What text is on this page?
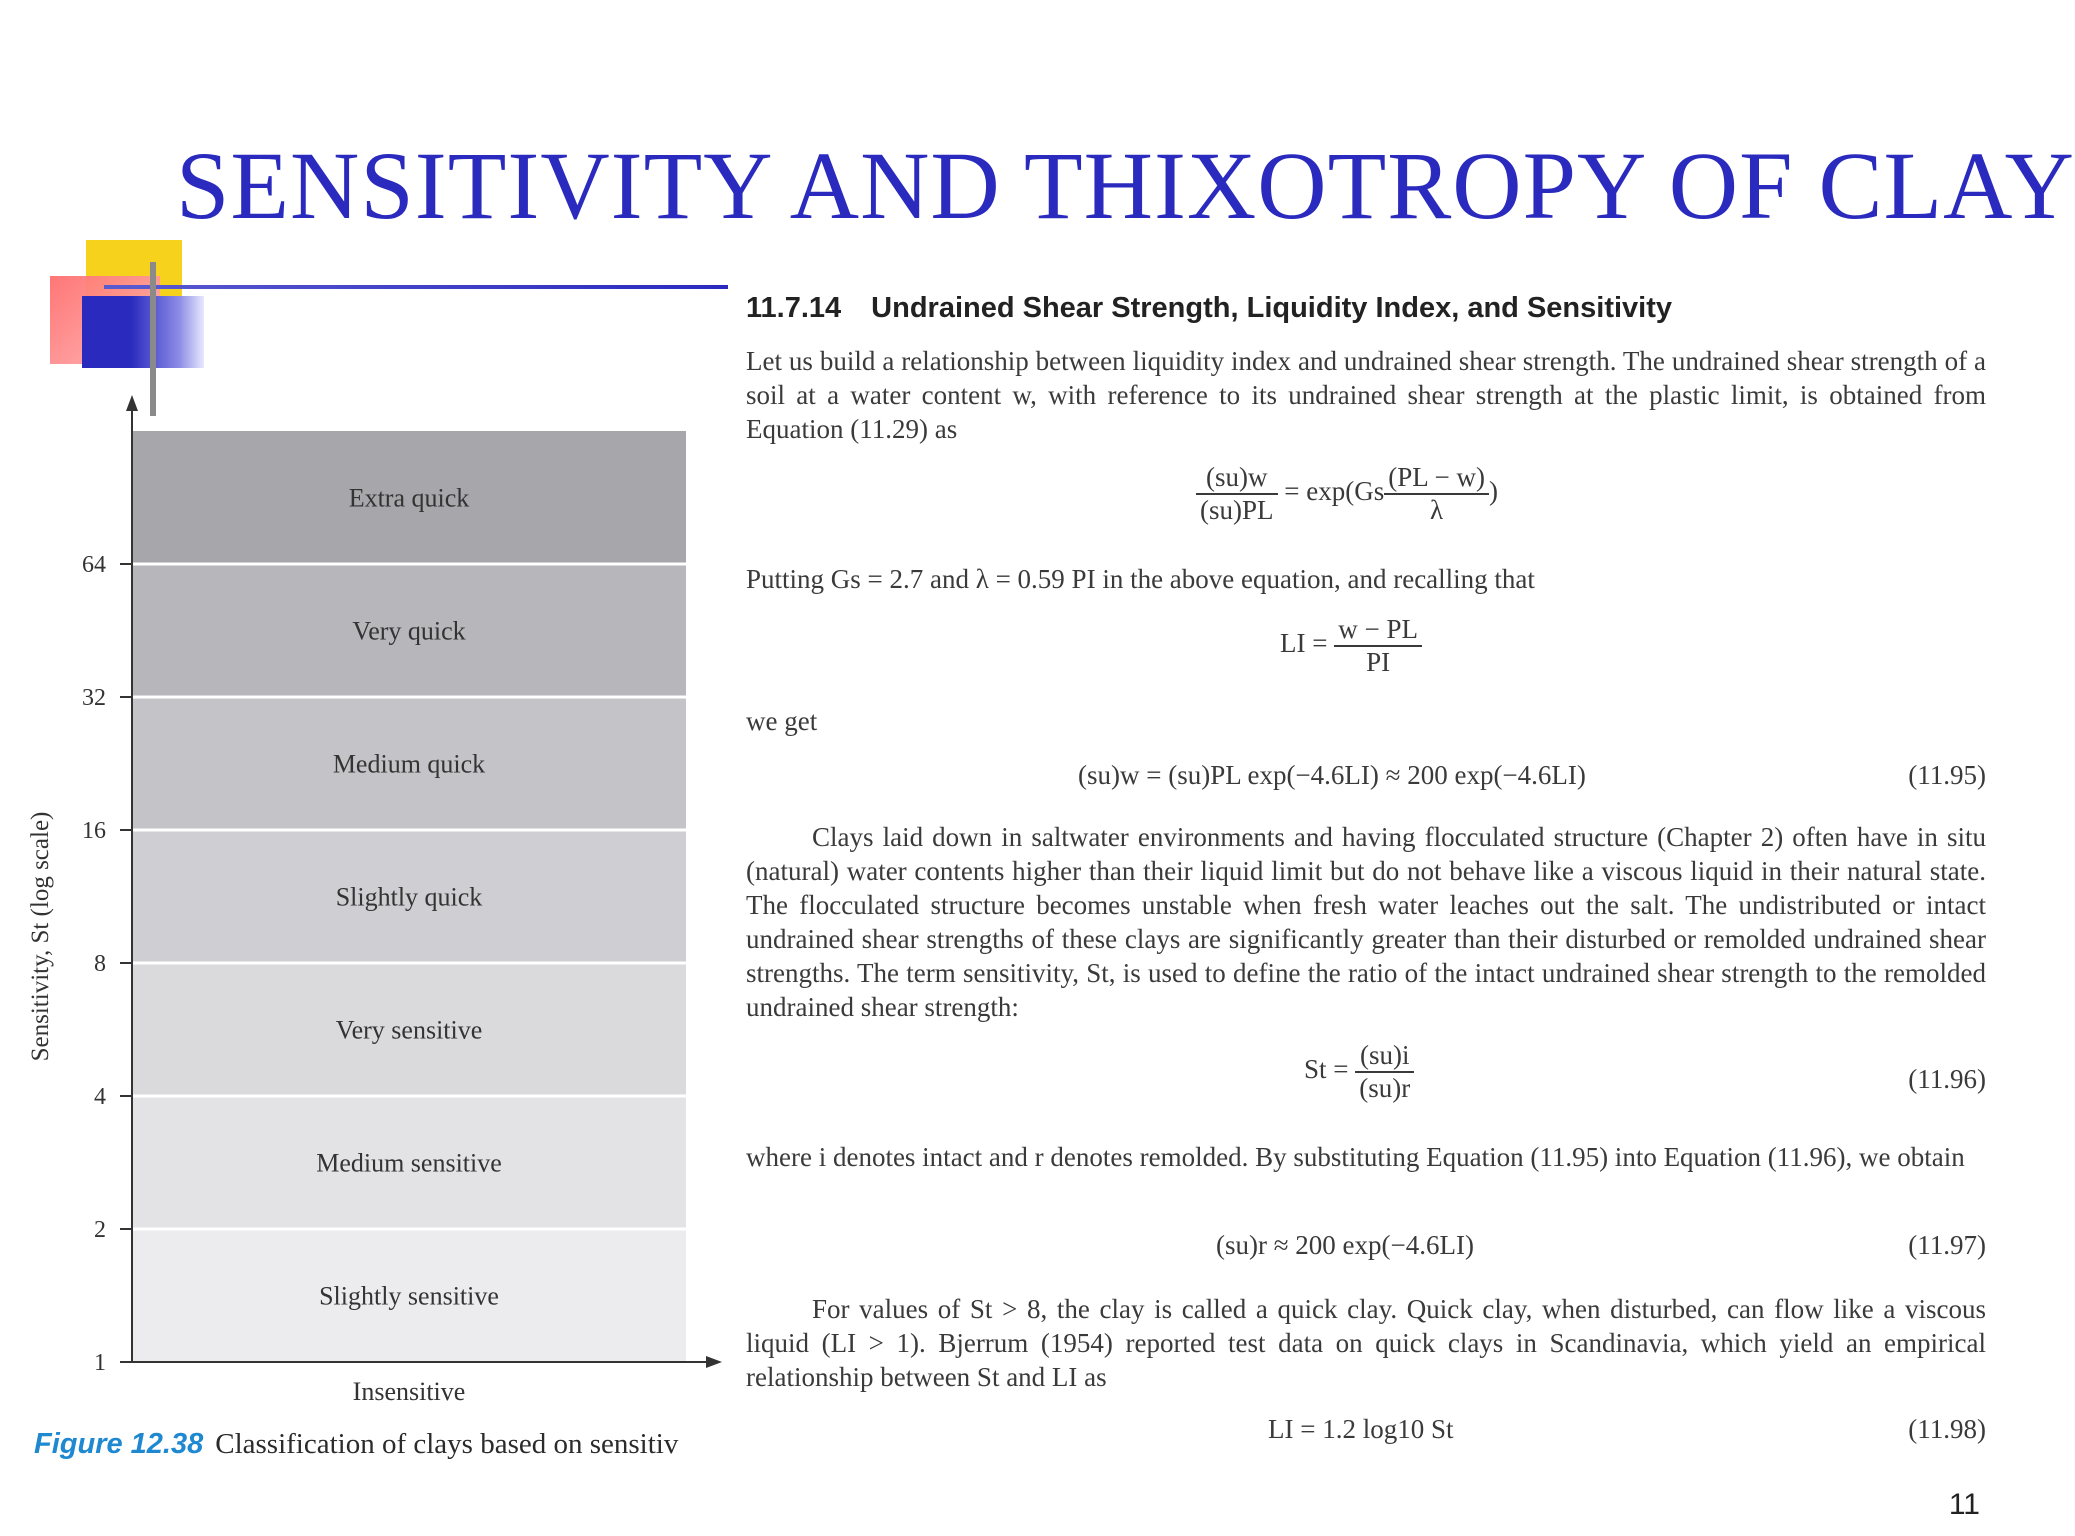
SENSITIVITY AND THIXOTROPY OF CLAY
Slightly sensitive
Medium sensitive
Very sensitive
Slightly quick
Medium quick
Very quick
Extra quick
1
2
4
8
16
32
64
Sensitivity, St (log scale)
Insensitive
Figure 12.38 Classification of clays based on sensitiv
11.7.14 Undrained Shear Strength, Liquidity Index, and Sensitivity
Let us build a relationship between liquidity index and undrained shear strength. The undrained shear strength of a soil at a water content w, with reference to its undrained shear strength at the plastic limit, is obtained from Equation (11.29) as
$\frac{(su)w}{(su)PL} = \exp(Gs \frac{(PL - w)}{\lambda}$ )
Putting Gs = 2.7 and λ = 0.59 PI in the above equation, and recalling that
LI = $\frac{w - PL}{PI}$
we get
(su)w = (su)PL exp(−4.6LI) ≈ 200 exp(−4.6LI)	(11.95)
Clays laid down in saltwater environments and having flocculated structure (Chapter 2) often have in situ (natural) water contents higher than their liquid limit but do not behave like a viscous liquid in their natural state. The flocculated structure becomes unstable when fresh water leaches out the salt. The undistributed or intact undrained shear strengths of these clays are significantly greater than their disturbed or remolded undrained shear strengths. The term sensitivity, St, is used to define the ratio of the intact undrained shear strength to the remolded undrained shear strength:
$St = \frac{(su)i}{(su)r}$	(11.96)
where i denotes intact and r denotes remolded. By substituting Equation (11.95) into Equation (11.96), we obtain
(su)r ≈ 200 exp(−4.6LI)	(11.97)
For values of St > 8, the clay is called a quick clay. Quick clay, when disturbed, can flow like a viscous liquid (LI > 1). Bjerrum (1954) reported test data on quick clays in Scandinavia, which yield an empirical relationship between St and LI as
LI = 1.2 log10 St	(11.98)
11
